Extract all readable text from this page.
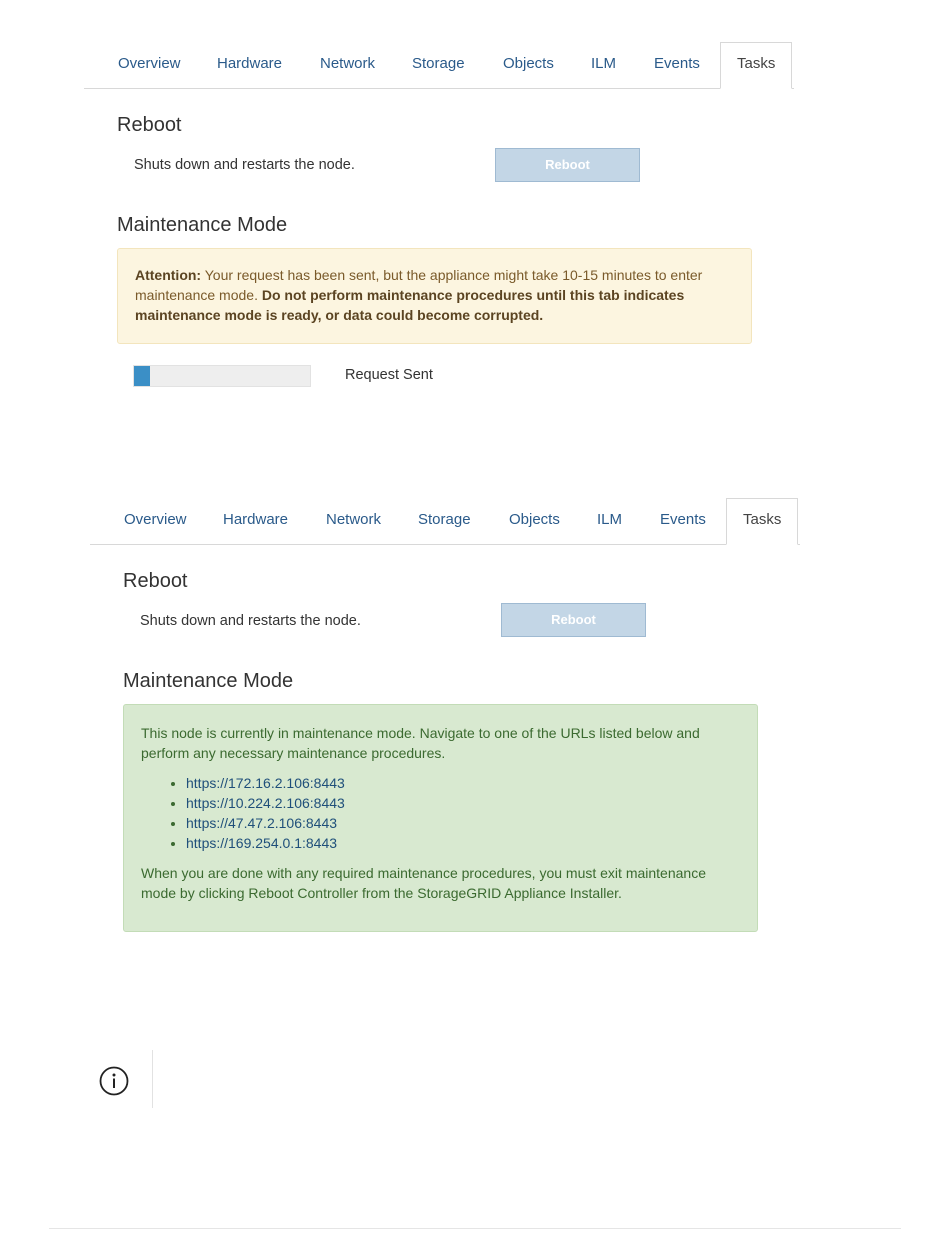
Overview Hardware	Network Storage	Objects ILM	Events	Tasks
Reboot
Shuts down and restarts the node.	Reboot
Maintenance Mode
Attention: Your request has been sent, but the appliance might take 10-15 minutes to enter maintenance mode. Do not perform maintenance procedures until this tab indicates maintenance mode is ready, or data could become corrupted.
Request Sent
Overview Hardware	Network Storage	Objects ILM	Events	Tasks
Reboot
Shuts down and restarts the node.	Reboot
Maintenance Mode

This node is currently in maintenance mode. Navigate to one of the URLs listed below and perform any necessary maintenance procedures.

• https://172.16.2.106:8443
• https://10.224.2.106:8443
• https://47.47.2.106:8443
• https://169.254.0.1:8443

When you are done with any required maintenance procedures, you must exit maintenance mode by clicking Reboot Controller from the StorageGRID Appliance Installer.
